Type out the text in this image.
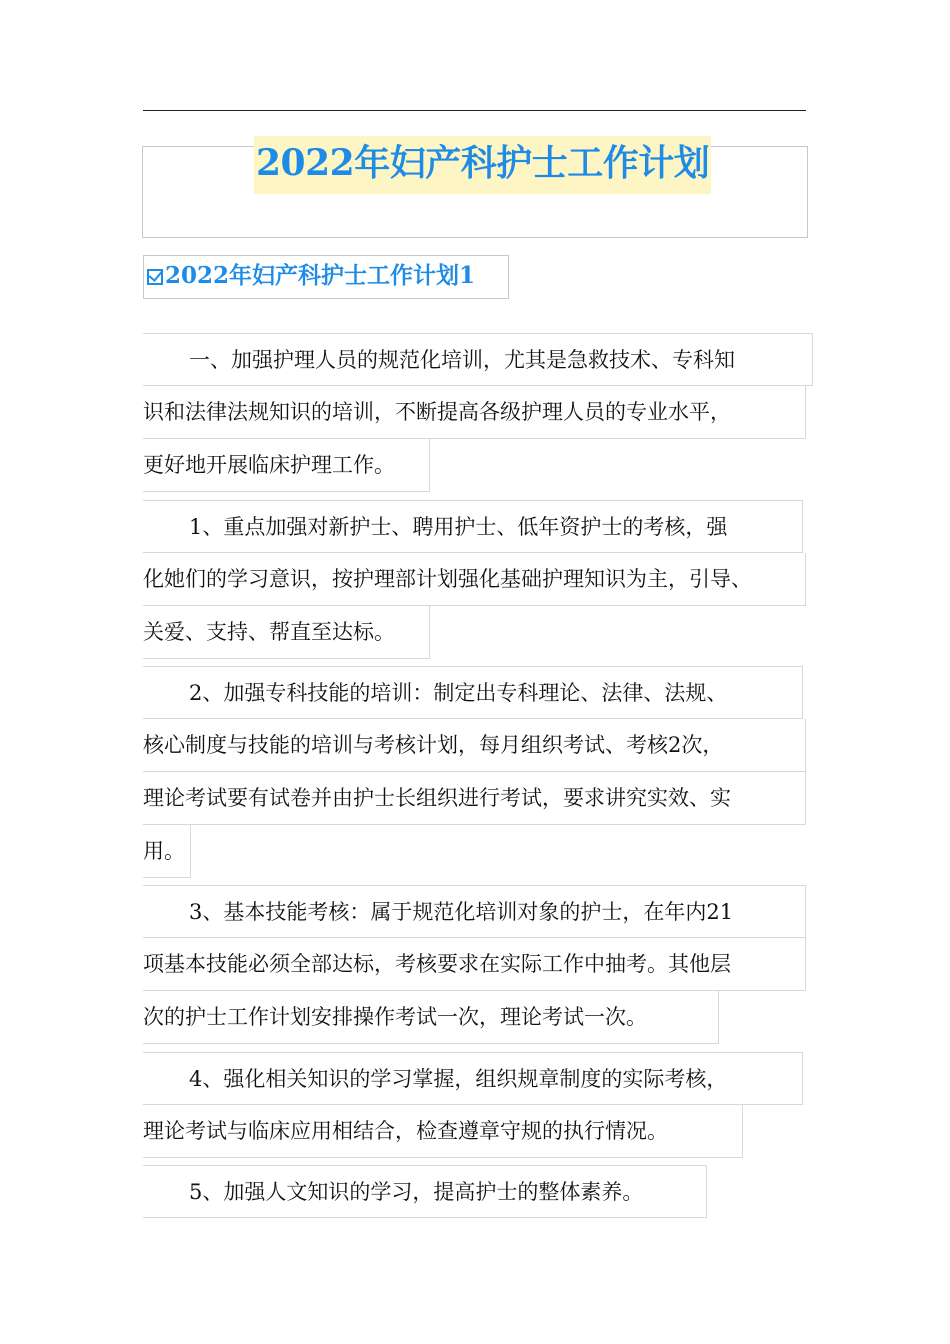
2022年妇产科护士工作计划
2022年妇产科护士工作计划1
一、加强护理人员的规范化培训，尤其是急救技术、专科知
识和法律法规知识的培训，不断提高各级护理人员的专业水平，
更好地开展临床护理工作。
1、重点加强对新护士、聘用护士、低年资护士的考核，强
化她们的学习意识，按护理部计划强化基础护理知识为主，引导、
关爱、支持、帮直至达标。
2、加强专科技能的培训：制定出专科理论、法律、法规、
核心制度与技能的培训与考核计划，每月组织考试、考核2次，
理论考试要有试卷并由护士长组织进行考试，要求讲究实效、实
用。
3、基本技能考核：属于规范化培训对象的护士，在年内21
项基本技能必须全部达标，考核要求在实际工作中抽考。其他层
次的护士工作计划安排操作考试一次，理论考试一次。
4、强化相关知识的学习掌握，组织规章制度的实际考核，
理论考试与临床应用相结合，检查遵章守规的执行情况。
5、加强人文知识的学习，提高护士的整体素养。
